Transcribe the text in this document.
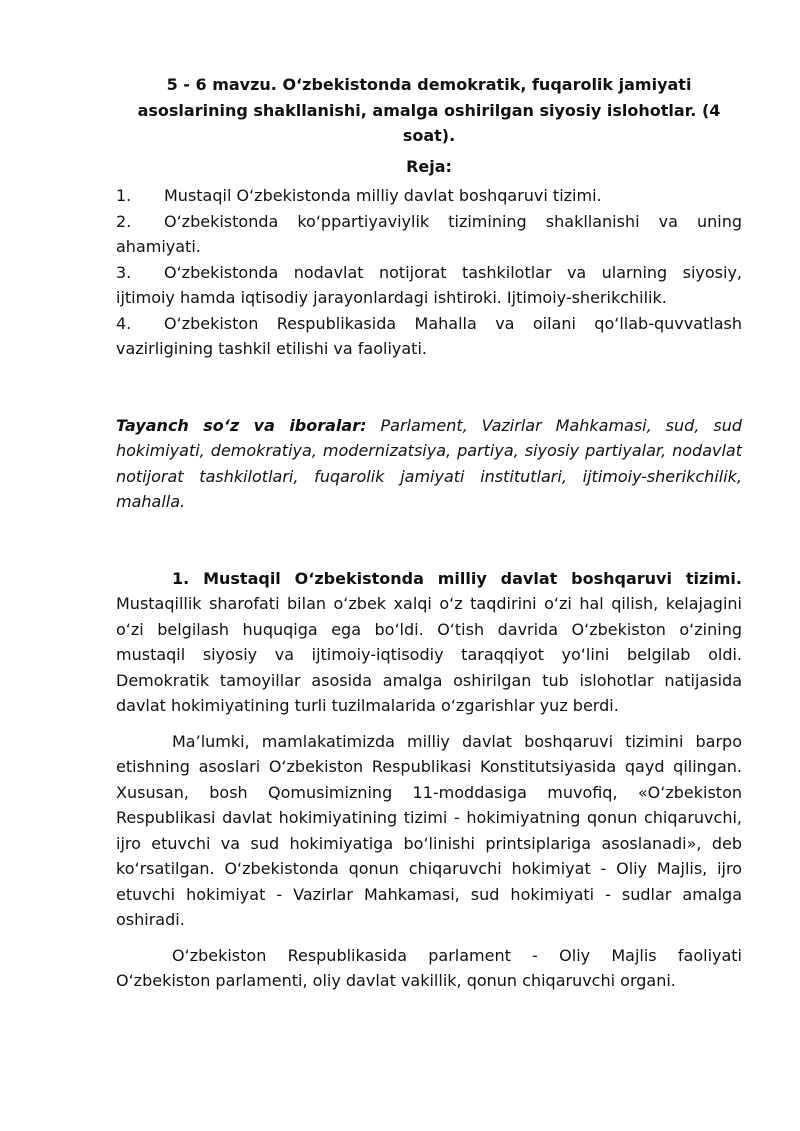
5 - 6 mavzu. O‘zbekistonda demokratik, fuqarolik jamiyati asoslarining shakllanishi, amalga oshirilgan siyosiy islohotlar. (4 soat).

Reja:

1. Mustaqil O‘zbekistonda milliy davlat boshqaruvi tizimi.

2. O‘zbekistonda ko‘ppartiyaviylik tizimining shakllanishi va uning ahamiyati.

3. O‘zbekistonda nodavlat notijorat tashkilotlar va ularning siyosiy, ijtimoiy hamda iqtisodiy jarayonlardagi ishtiroki. Ijtimoiy-sherikchilik.

4. O‘zbekiston Respublikasida Mahalla va oilani qo‘llab-quvvatlash vazirligining tashkil etilishi va faoliyati.

Tayanch so‘z va iboralar: Parlament, Vazirlar Mahkamasi, sud, sud hokimiyati, demokratiya, modernizatsiya, partiya, siyosiy partiyalar, nodavlat notijorat tashkilotlari, fuqarolik jamiyati institutlari, ijtimoiy-sherikchilik, mahalla.

1. Mustaqil O‘zbekistonda milliy davlat boshqaruvi tizimi. Mustaqillik sharofati bilan o‘zbek xalqi o‘z taqdirini o‘zi hal qilish, kelajagini o‘zi belgilash huquqiga ega bo‘ldi. O‘tish davrida O‘zbekiston o‘zining mustaqil siyosiy va ijtimoiy-iqtisodiy taraqqiyot yo‘lini belgilab oldi. Demokratik tamoyillar asosida amalga oshirilgan tub islohotlar natijasida davlat hokimiyatining turli tuzilmalarida o‘zgarishlar yuz berdi.

Ma’lumki, mamlakatimizda milliy davlat boshqaruvi tizimini barpo etishning asoslari O‘zbekiston Respublikasi Konstitutsiyasida qayd qilingan. Xususan, bosh Qomusimizning 11-moddasiga muvofiq, «O‘zbekiston Respublikasi davlat hokimiyatining tizimi - hokimiyatning qonun chiqaruvchi, ijro etuvchi va sud hokimiyatiga bo‘linishi printsiplariga asoslanadi», deb ko‘rsatilgan. O‘zbekistonda qonun chiqaruvchi hokimiyat - Oliy Majlis, ijro etuvchi hokimiyat - Vazirlar Mahkamasi, sud hokimiyati - sudlar amalga oshiradi.

O‘zbekiston Respublikasida parlament - Oliy Majlis faoliyati O‘zbekiston parlamenti, oliy davlat vakillik, qonun chiqaruvchi organi.
